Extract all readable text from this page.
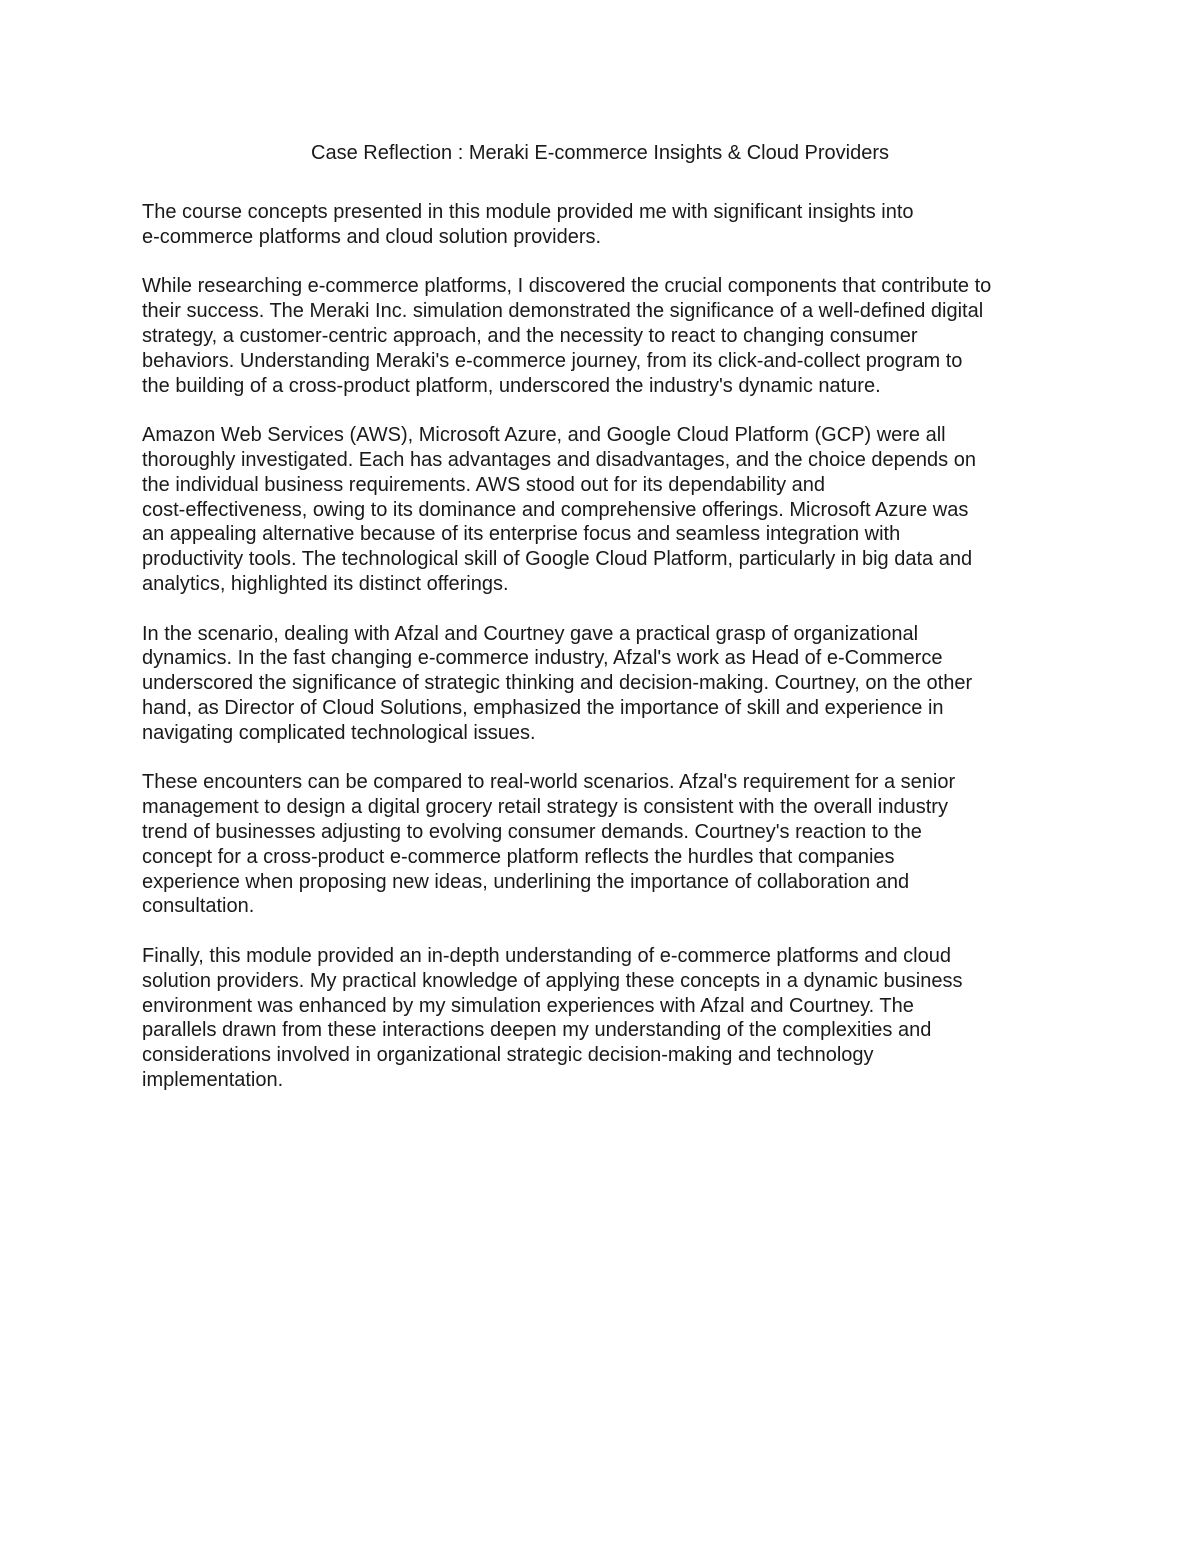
Case Reflection : Meraki E-commerce Insights & Cloud Providers

The course concepts presented in this module provided me with significant insights into
e-commerce platforms and cloud solution providers.

While researching e-commerce platforms, I discovered the crucial components that contribute to
their success. The Meraki Inc. simulation demonstrated the significance of a well-defined digital
strategy, a customer-centric approach, and the necessity to react to changing consumer
behaviors. Understanding Meraki's e-commerce journey, from its click-and-collect program to
the building of a cross-product platform, underscored the industry's dynamic nature.

Amazon Web Services (AWS), Microsoft Azure, and Google Cloud Platform (GCP) were all
thoroughly investigated. Each has advantages and disadvantages, and the choice depends on
the individual business requirements. AWS stood out for its dependability and
cost-effectiveness, owing to its dominance and comprehensive offerings. Microsoft Azure was
an appealing alternative because of its enterprise focus and seamless integration with
productivity tools. The technological skill of Google Cloud Platform, particularly in big data and
analytics, highlighted its distinct offerings.

In the scenario, dealing with Afzal and Courtney gave a practical grasp of organizational
dynamics. In the fast changing e-commerce industry, Afzal's work as Head of e-Commerce
underscored the significance of strategic thinking and decision-making. Courtney, on the other
hand, as Director of Cloud Solutions, emphasized the importance of skill and experience in
navigating complicated technological issues.

These encounters can be compared to real-world scenarios. Afzal's requirement for a senior
management to design a digital grocery retail strategy is consistent with the overall industry
trend of businesses adjusting to evolving consumer demands. Courtney's reaction to the
concept for a cross-product e-commerce platform reflects the hurdles that companies
experience when proposing new ideas, underlining the importance of collaboration and
consultation.

Finally, this module provided an in-depth understanding of e-commerce platforms and cloud
solution providers. My practical knowledge of applying these concepts in a dynamic business
environment was enhanced by my simulation experiences with Afzal and Courtney. The
parallels drawn from these interactions deepen my understanding of the complexities and
considerations involved in organizational strategic decision-making and technology
implementation.
